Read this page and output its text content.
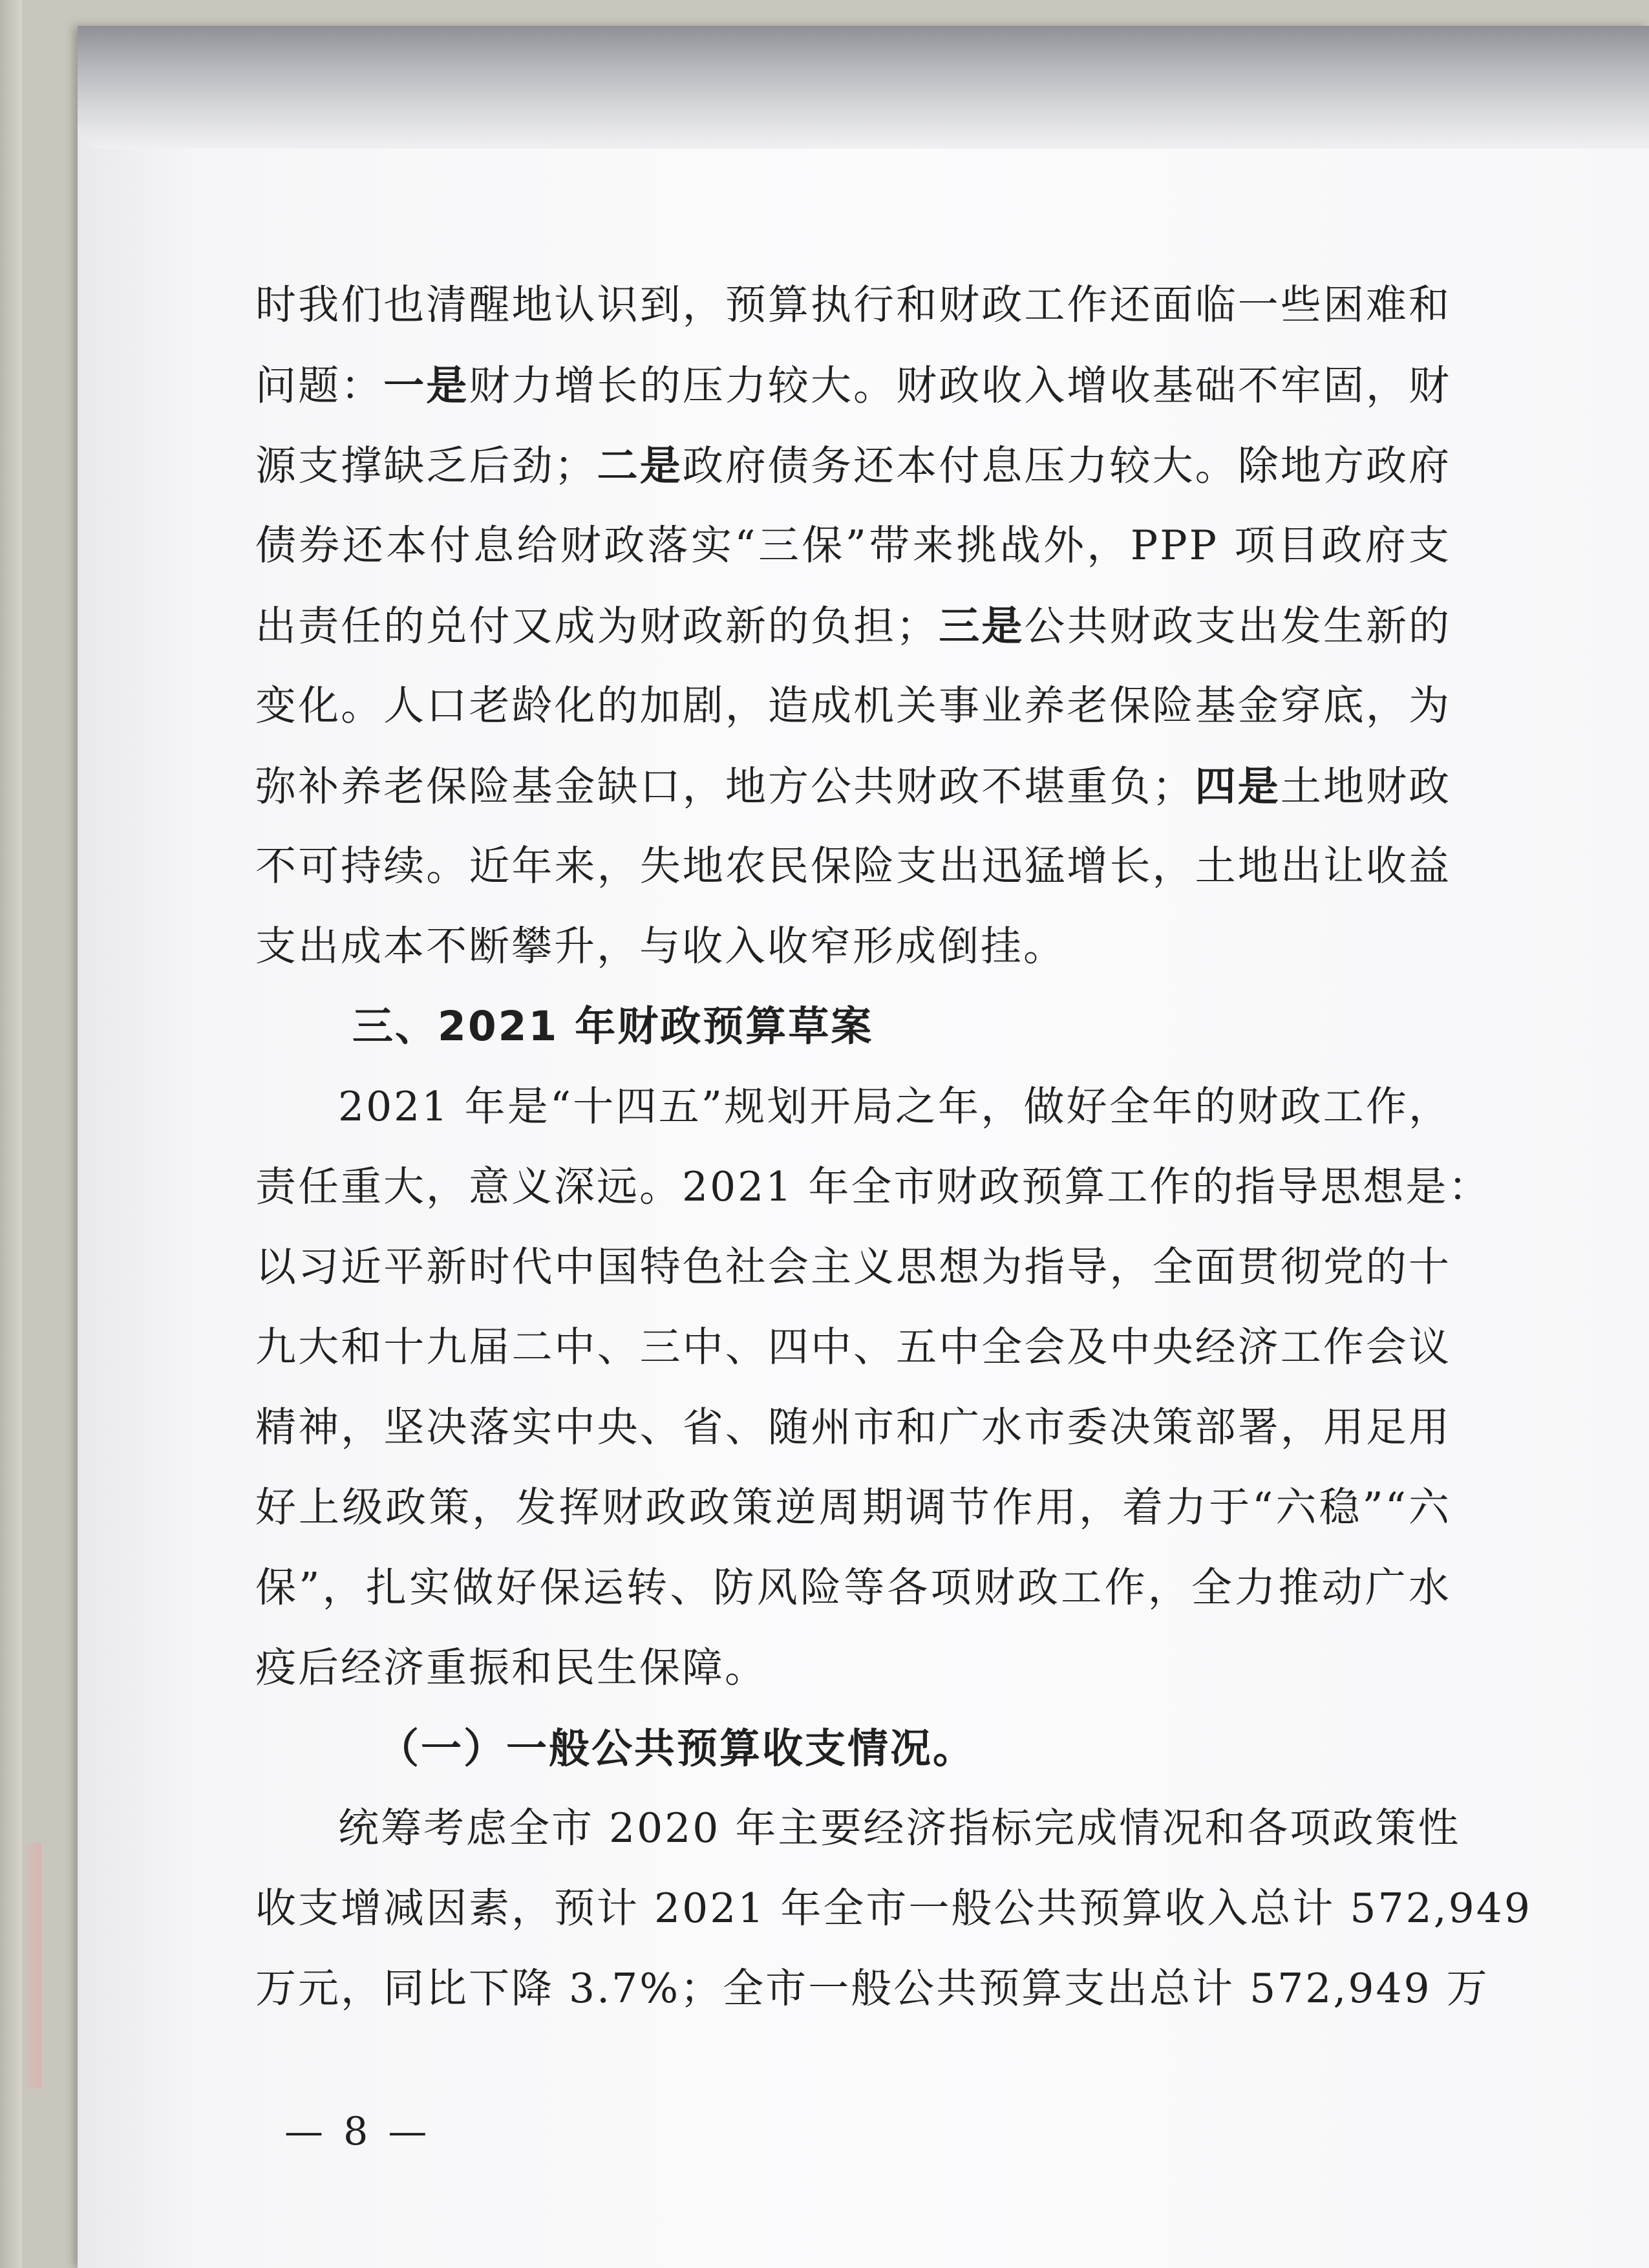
时我们也清醒地认识到，预算执行和财政工作还面临一些困难和
问题：一是财力增长的压力较大。财政收入增收基础不牢固，财
源支撑缺乏后劲；二是政府债务还本付息压力较大。除地方政府
债券还本付息给财政落实“三保”带来挑战外，PPP 项目政府支
出责任的兑付又成为财政新的负担；三是公共财政支出发生新的
变化。人口老龄化的加剧，造成机关事业养老保险基金穿底，为
弥补养老保险基金缺口，地方公共财政不堪重负；四是土地财政
不可持续。近年来，失地农民保险支出迅猛增长，土地出让收益
支出成本不断攀升，与收入收窄形成倒挂。
三、2021 年财政预算草案
2021 年是“十四五”规划开局之年，做好全年的财政工作，
责任重大，意义深远。2021 年全市财政预算工作的指导思想是：
以习近平新时代中国特色社会主义思想为指导，全面贯彻党的十
九大和十九届二中、三中、四中、五中全会及中央经济工作会议
精神，坚决落实中央、省、随州市和广水市委决策部署，用足用
好上级政策，发挥财政政策逆周期调节作用，着力于“六稳”“六
保”，扎实做好保运转、防风险等各项财政工作，全力推动广水
疫后经济重振和民生保障。
（一）一般公共预算收支情况。
统筹考虑全市 2020 年主要经济指标完成情况和各项政策性
收支增减因素，预计 2021 年全市一般公共预算收入总计 572,949
万元，同比下降 3.7%；全市一般公共预算支出总计 572,949 万
— 8 —
